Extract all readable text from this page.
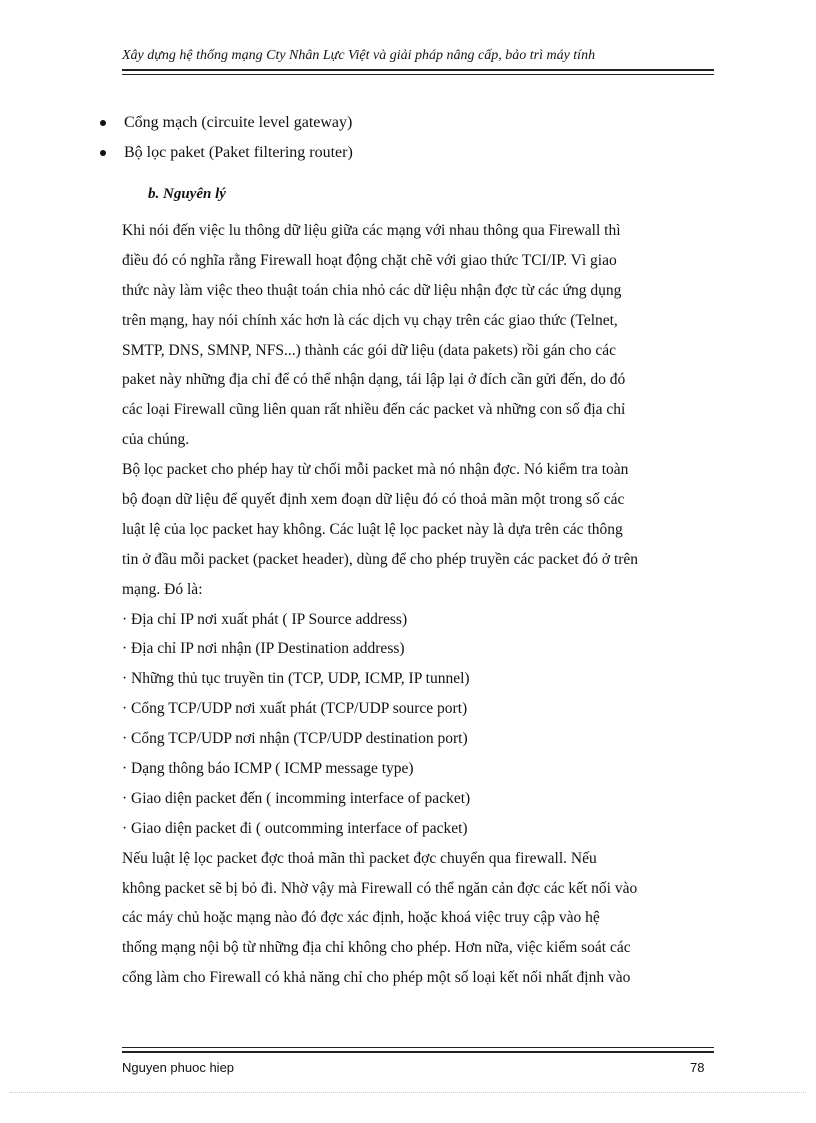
Xây dựng hệ thống mạng Cty Nhân Lực Việt và giải pháp nâng cấp, bảo trì máy tính
Cổng mạch (circuite level gateway)
Bộ lọc paket (Paket filtering router)
b. Nguyên lý
Khi nói đến việc lu thông dữ liệu giữa các mạng với nhau thông qua Firewall thì
điều đó có nghĩa rằng Firewall hoạt động chặt chẽ với giao thức TCI/IP. Vì giao
thức này làm việc theo thuật toán chia nhỏ các dữ liệu nhận đợc từ các ứng dụng
trên mạng, hay nói chính xác hơn là các dịch vụ chạy trên các giao thức (Telnet,
SMTP, DNS, SMNP, NFS...) thành các gói dữ liệu (data pakets) rồi gán cho các
paket này những địa chỉ để có thể nhận dạng, tái lập lại ở đích cần gửi đến, do đó
các loại Firewall cũng liên quan rất nhiều đến các packet và những con số địa chỉ
của chúng.
Bộ lọc packet cho phép hay từ chối mỗi packet mà nó nhận đợc. Nó kiểm tra toàn
bộ đoạn dữ liệu để quyết định xem đoạn dữ liệu đó có thoả mãn một trong số các
luật lệ của lọc packet hay không. Các luật lệ lọc packet này là dựa trên các thông
tin ở đầu mỗi packet (packet header), dùng để cho phép truyền các packet đó ở trên
mạng. Đó là:
· Địa chỉ IP nơi xuất phát ( IP Source address)
· Địa chỉ IP nơi nhận (IP Destination address)
· Những thủ tục truyền tin (TCP, UDP, ICMP, IP tunnel)
· Cổng TCP/UDP nơi xuất phát (TCP/UDP source port)
· Cổng TCP/UDP nơi nhận (TCP/UDP destination port)
· Dạng thông báo ICMP ( ICMP message type)
· Giao diện packet đến ( incomming interface of packet)
· Giao diện packet đi ( outcomming interface of packet)
Nếu luật lệ lọc packet đợc thoả mãn thì packet đợc chuyển qua firewall. Nếu
không packet sẽ bị bỏ đi. Nhờ vậy mà Firewall có thể ngăn cản đợc các kết nối vào
các máy chủ hoặc mạng nào đó đợc xác định, hoặc khoá việc truy cập vào hệ
thống mạng nội bộ từ những địa chỉ không cho phép. Hơn nữa, việc kiểm soát các
cổng làm cho Firewall có khả năng chỉ cho phép một số loại kết nối nhất định vào
Nguyen phuoc hiep	78
